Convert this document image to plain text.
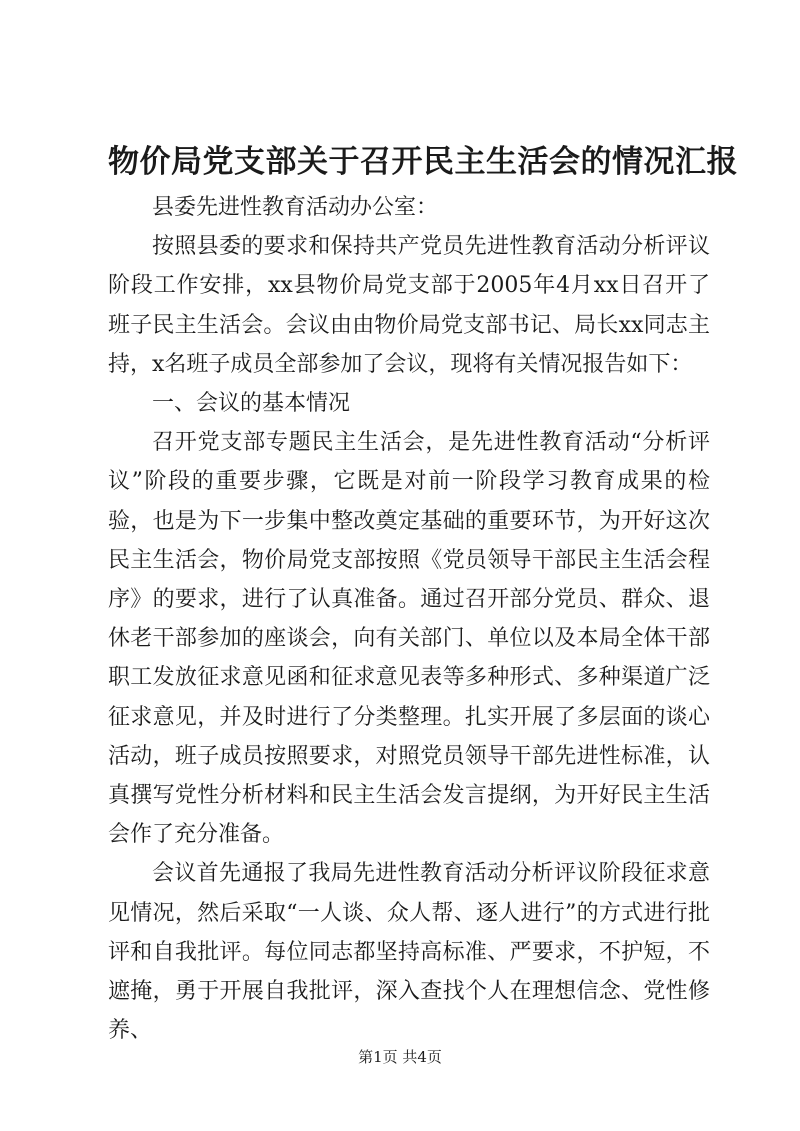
物价局党支部关于召开民主生活会的情况汇报

县委先进性教育活动办公室：

按照县委的要求和保持共产党员先进性教育活动分析评议阶段工作安排，xx县物价局党支部于2005年4月xx日召开了班子民主生活会。会议由由物价局党支部书记、局长xx同志主持，x名班子成员全部参加了会议，现将有关情况报告如下：

一、会议的基本情况

召开党支部专题民主生活会，是先进性教育活动“分析评议”阶段的重要步骤，它既是对前一阶段学习教育成果的检验，也是为下一步集中整改奠定基础的重要环节，为开好这次民主生活会，物价局党支部按照《党员领导干部民主生活会程序》的要求，进行了认真准备。通过召开部分党员、群众、退休老干部参加的座谈会，向有关部门、单位以及本局全体干部职工发放征求意见函和征求意见表等多种形式、多种渠道广泛征求意见，并及时进行了分类整理。扎实开展了多层面的谈心活动，班子成员按照要求，对照党员领导干部先进性标准，认真撰写党性分析材料和民主生活会发言提纲，为开好民主生活会作了充分准备。

会议首先通报了我局先进性教育活动分析评议阶段征求意见情况，然后采取“一人谈、众人帮、逐人进行”的方式进行批评和自我批评。每位同志都坚持高标准、严要求，不护短，不遮掩，勇于开展自我批评，深入查找个人在理想信念、党性修养、

第1页 共4页
